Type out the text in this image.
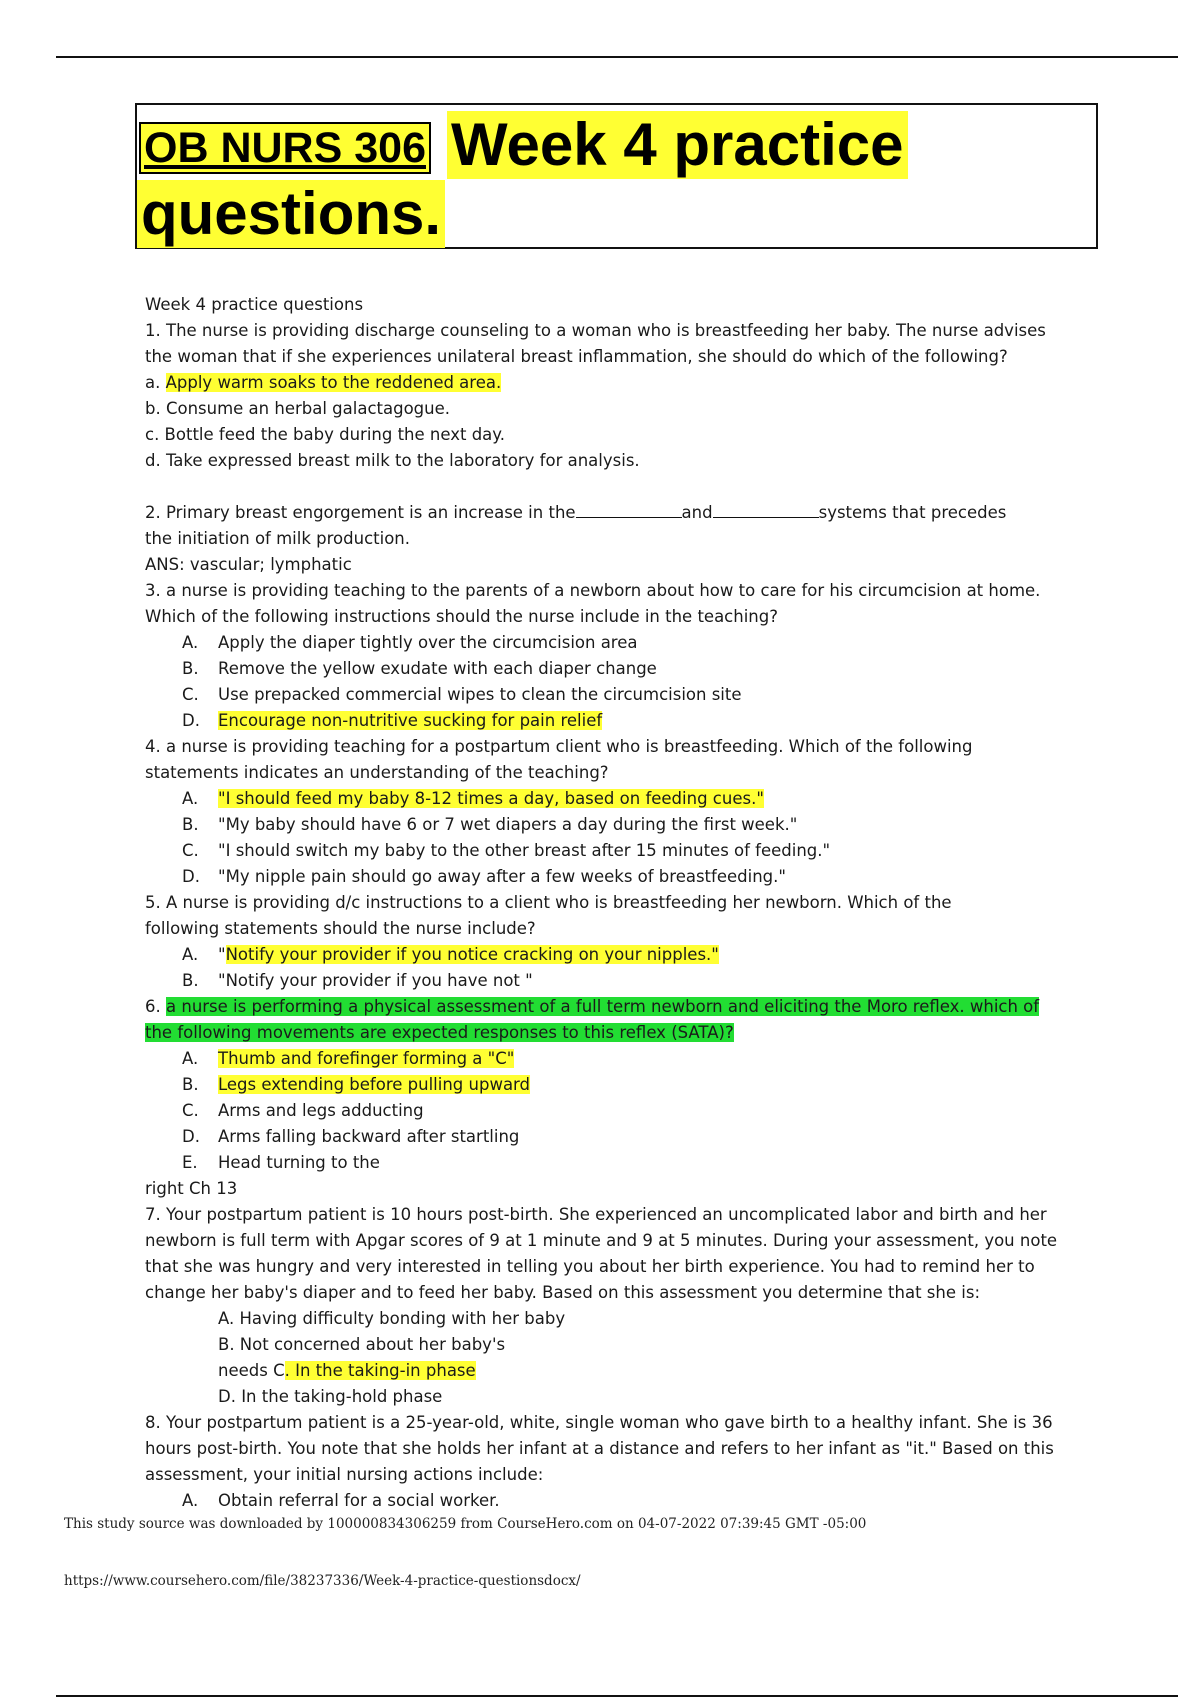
OB NURS 306 Week 4 practice
questions.
Week 4 practice questions
1. The nurse is providing discharge counseling to a woman who is breastfeeding her baby. The nurse advises
the woman that if she experiences unilateral breast inflammation, she should do which of the following?
a. Apply warm soaks to the reddened area.
b. Consume an herbal galactagogue.
c. Bottle feed the baby during the next day.
d. Take expressed breast milk to the laboratory for analysis.
2. Primary breast engorgement is an increase in the	and	systems that precedes
the initiation of milk production.
ANS: vascular; lymphatic
3. a nurse is providing teaching to the parents of a newborn about how to care for his circumcision at home.
Which of the following instructions should the nurse include in the teaching?
A. Apply the diaper tightly over the circumcision area
B. Remove the yellow exudate with each diaper change
C. Use prepacked commercial wipes to clean the circumcision site
D. Encourage non-nutritive sucking for pain relief
4. a nurse is providing teaching for a postpartum client who is breastfeeding. Which of the following
statements indicates an understanding of the teaching?
A. "I should feed my baby 8-12 times a day, based on feeding cues."
B. "My baby should have 6 or 7 wet diapers a day during the first week."
C. "I should switch my baby to the other breast after 15 minutes of feeding."
D. "My nipple pain should go away after a few weeks of breastfeeding."
5. A nurse is providing d/c instructions to a client who is breastfeeding her newborn. Which of the
following statements should the nurse include?
A. "Notify your provider if you notice cracking on your nipples."
B. "Notify your provider if you have not "
6. a nurse is performing a physical assessment of a full term newborn and eliciting the Moro reflex. which of
the following movements are expected responses to this reflex (SATA)?
A. Thumb and forefinger forming a "C"
B. Legs extending before pulling upward
C. Arms and legs adducting
D. Arms falling backward after startling
E. Head turning to the
right Ch 13
7. Your postpartum patient is 10 hours post-birth. She experienced an uncomplicated labor and birth and her
newborn is full term with Apgar scores of 9 at 1 minute and 9 at 5 minutes. During your assessment, you note
that she was hungry and very interested in telling you about her birth experience. You had to remind her to
change her baby's diaper and to feed her baby. Based on this assessment you determine that she is:
A. Having difficulty bonding with her baby
B. Not concerned about her baby's
needs C. In the taking-in phase
D. In the taking-hold phase
8. Your postpartum patient is a 25-year-old, white, single woman who gave birth to a healthy infant. She is 36
hours post-birth. You note that she holds her infant at a distance and refers to her infant as "it." Based on this
assessment, your initial nursing actions include:
A. Obtain referral for a social worker.
This study source was downloaded by 100000834306259 from CourseHero.com on 04-07-2022 07:39:45 GMT -05:00
https://www.coursehero.com/file/38237336/Week-4-practice-questionsdocx/
